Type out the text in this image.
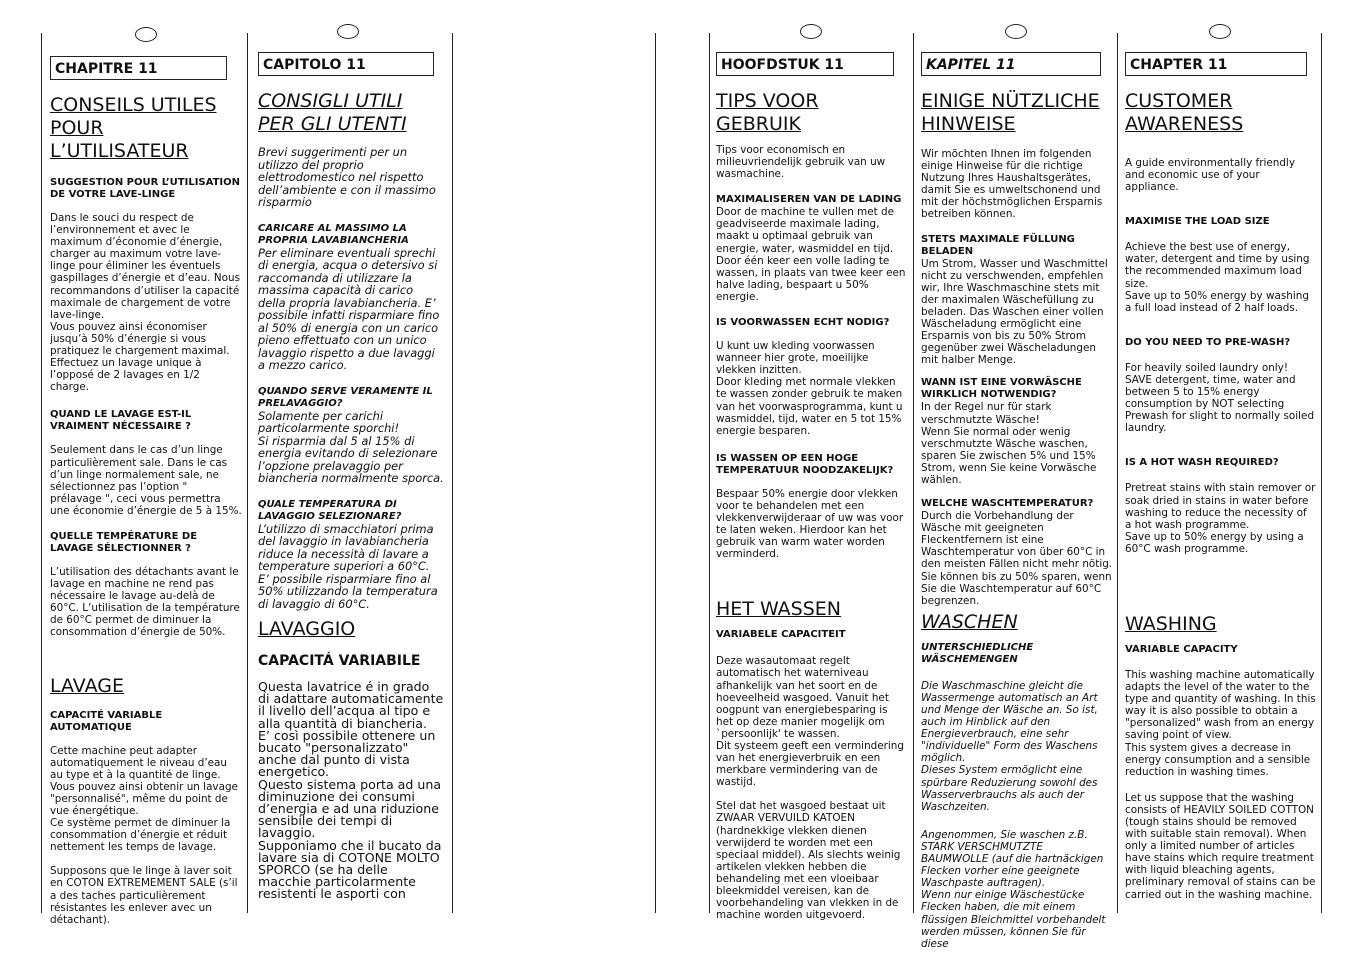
CHAPITRE 11
CONSEILS UTILES
POUR L’UTILISATEUR
SUGGESTION POUR L’UTILISATION DE VOTRE LAVE-LINGE
Dans le souci du respect de l’environnement et avec le maximum d’économie d’énergie, charger au maximum votre lave-linge pour éliminer les éventuels gaspillages d’énergie et d’eau. Nous recommandons d’utiliser la capacité maximale de chargement de votre lave-linge.
Vous pouvez ainsi économiser jusqu’à 50% d’énergie si vous pratiquez le chargement maximal. Effectuez un lavage unique à l’opposé de 2 lavages en 1/2 charge.
QUAND LE LAVAGE EST-IL VRAIMENT NÉCESSAIRE ?
Seulement dans le cas d’un linge particulièrement sale. Dans le cas d’un linge normalement sale, ne sélectionnez pas l’option " prélavage ", ceci vous permettra une économie d’énergie de 5 à 15%.
QUELLE TEMPÉRATURE DE LAVAGE SÉLECTIONNER ?
L’utilisation des détachants avant le lavage en machine ne rend pas nécessaire le lavage au-delà de 60°C. L’utilisation de la température de 60°C permet de diminuer la consommation d’énergie de 50%.
LAVAGE
CAPACITÉ VARIABLE AUTOMATIQUE
Cette machine peut adapter automatiquement le niveau d’eau au type et à la quantité de linge. Vous pouvez ainsi obtenir un lavage "personnalisé", même du point de vue énergétique.
Ce système permet de diminuer la consommation d’énergie et réduit nettement les temps de lavage.
Supposons que le linge à laver soit en COTON EXTREMEMENT SALE (s’il a des taches particulièrement résistantes les enlever avec un détachant).
CAPITOLO 11
CONSIGLI UTILI
PER GLI UTENTI
Brevi suggerimenti per un utilizzo del proprio elettrodomestico nel rispetto dell’ambiente e con il massimo risparmio
CARICARE AL MASSIMO LA PROPRIA LAVABIANCHERIA
Per eliminare eventuali sprechi di energia, acqua o detersivo si raccomanda di utilizzare la massima capacità di carico della propria lavabiancheria. E’ possibile infatti risparmiare fino al 50% di energia con un carico pieno effettuato con un unico lavaggio rispetto a due lavaggi a mezzo carico.
QUANDO SERVE VERAMENTE IL PRELAVAGGIO?
Solamente per carichi particolarmente sporchi!
Si risparmia dal 5 al 15% di energia evitando di selezionare l’opzione prelavaggio per biancheria normalmente sporca.
QUALE TEMPERATURA DI LAVAGGIO SELEZIONARE?
L’utilizzo di smacchiatori prima del lavaggio in lavabiancheria riduce la necessità di lavare a temperature superiori a 60°C.
E’ possibile risparmiare fino al 50% utilizzando la temperatura di lavaggio di 60°C.
LAVAGGIO
CAPACITÁ VARIABILE
Questa lavatrice é in grado di adattare automaticamente il livello dell’acqua al tipo e alla quantità di biancheria.
E’ così possibile ottenere un bucato "personalizzato" anche dal punto di vista energetico.
Questo sistema porta ad una diminuzione dei consumi d’energia e ad una riduzione sensibile dei tempi di lavaggio.
Supponiamo che il bucato da lavare sia di COTONE MOLTO SPORCO (se ha delle macchie particolarmente resistenti le asporti con
HOOFDSTUK 11
TIPS VOOR GEBRUIK
Tips voor economisch en milieuvriendelijk gebruik van uw wasmachine.
MAXIMALISEREN VAN DE LADING
Door de machine te vullen met de geadviseerde maximale lading, maakt u optimaal gebruik van energie, water, wasmiddel en tijd. Door één keer een volle lading te wassen, in plaats van twee keer een halve lading, bespaart u 50% energie.
IS VOORWASSEN ECHT NODIG?
U kunt uw kleding voorwassen wanneer hier grote, moeilijke vlekken inzitten.
Door kleding met normale vlekken te wassen zonder gebruik te maken van het voorwasprogramma, kunt u wasmiddel, tijd, water en 5 tot 15% energie besparen.
IS WASSEN OP EEN HOGE TEMPERATUUR NOODZAKELIJK?
Bespaar 50% energie door vlekken voor te behandelen met een vlekkenverwijderaar of uw was voor te laten weken. Hierdoor kan het gebruik van warm water worden verminderd.
HET WASSEN
VARIABELE CAPACITEIT
Deze wasautomaat regelt automatisch het waterniveau afhankelijk van het soort en de hoeveelheid wasgoed. Vanuit het oogpunt van energiebesparing is het op deze manier mogelijk om `persoonlijk' te wassen.
Dit systeem geeft een vermindering van het energieverbruik en een merkbare vermindering van de wastijd.
Stel dat het wasgoed bestaat uit ZWAAR VERVUILD KATOEN (hardnekkige vlekken dienen verwijderd te worden met een speciaal middel). Als slechts weinig artikelen vlekken hebben die behandeling met een vloeibaar bleekmiddel vereisen, kan de voorbehandeling van vlekken in de machine worden uitgevoerd.
KAPITEL 11
EINIGE NÜTZLICHE
HINWEISE
Wir möchten Ihnen im folgenden einige Hinweise für die richtige Nutzung Ihres Haushaltsgerätes, damit Sie es umweltschonend und mit der höchstmöglichen Ersparnis betreiben können.
STETS MAXIMALE FÜLLUNG BELADEN
Um Strom, Wasser und Waschmittel nicht zu verschwenden, empfehlen wir, Ihre Waschmaschine stets mit der maximalen Wäschefüllung zu beladen. Das Waschen einer vollen Wäscheladung ermöglicht eine Ersparnis von bis zu 50% Strom gegenüber zwei Wäscheladungen mit halber Menge.
WANN IST EINE VORWÄSCHE WIRKLICH NOTWENDIG?
In der Regel nur für stark verschmutzte Wäsche!
Wenn Sie normal oder wenig verschmutzte Wäsche waschen, sparen Sie zwischen 5% und 15% Strom, wenn Sie keine Vorwäsche wählen.
WELCHE WASCHTEMPERATUR?
Durch die Vorbehandlung der Wäsche mit geeigneten Fleckentfernern ist eine Waschtemperatur von über 60°C in den meisten Fällen nicht mehr nötig. Sie können bis zu 50% sparen, wenn Sie die Waschtemperatur auf 60°C begrenzen.
WASCHEN
UNTERSCHIEDLICHE WÄSCHEMENGEN
Die Waschmaschine gleicht die Wassermenge automatisch an Art und Menge der Wäsche an. So ist, auch im Hinblick auf den Energieverbrauch, eine sehr "individuelle" Form des Waschens möglich.
Dieses System ermöglicht eine spürbare Reduzierung sowohl des Wasserverbrauchs als auch der Waschzeiten.
Angenommen, Sie waschen z.B. STARK VERSCHMUTZTE BAUMWOLLE (auf die hartnäckigen Flecken vorher eine geeignete Waschpaste auftragen).
Wenn nur einige Wäschestücke Flecken haben, die mit einem flüssigen Bleichmittel vorbehandelt werden müssen, können Sie für diese
CHAPTER 11
CUSTOMER
AWARENESS
A guide environmentally friendly and economic use of your appliance.
MAXIMISE THE LOAD SIZE
Achieve the best use of energy, water, detergent and time by using the recommended maximum load size.
Save up to 50% energy by washing a full load instead of 2 half loads.
DO YOU NEED TO PRE-WASH?
For heavily soiled laundry only!
SAVE detergent, time, water and between 5 to 15% energy consumption by NOT selecting Prewash for slight to normally soiled laundry.
IS A HOT WASH REQUIRED?
Pretreat stains with stain remover or soak dried in stains in water before washing to reduce the necessity of a hot wash programme.
Save up to 50% energy by using a 60°C wash programme.
WASHING
VARIABLE CAPACITY
This washing machine automatically adapts the level of the water to the type and quantity of washing. In this way it is also possible to obtain a "personalized" wash from an energy saving point of view.
This system gives a decrease in energy consumption and a sensible reduction in washing times.
Let us suppose that the washing consists of HEAVILY SOILED COTTON (tough stains should be removed with suitable stain removal). When only a limited number of articles have stains which require treatment with liquid bleaching agents, preliminary removal of stains can be carried out in the washing machine.
